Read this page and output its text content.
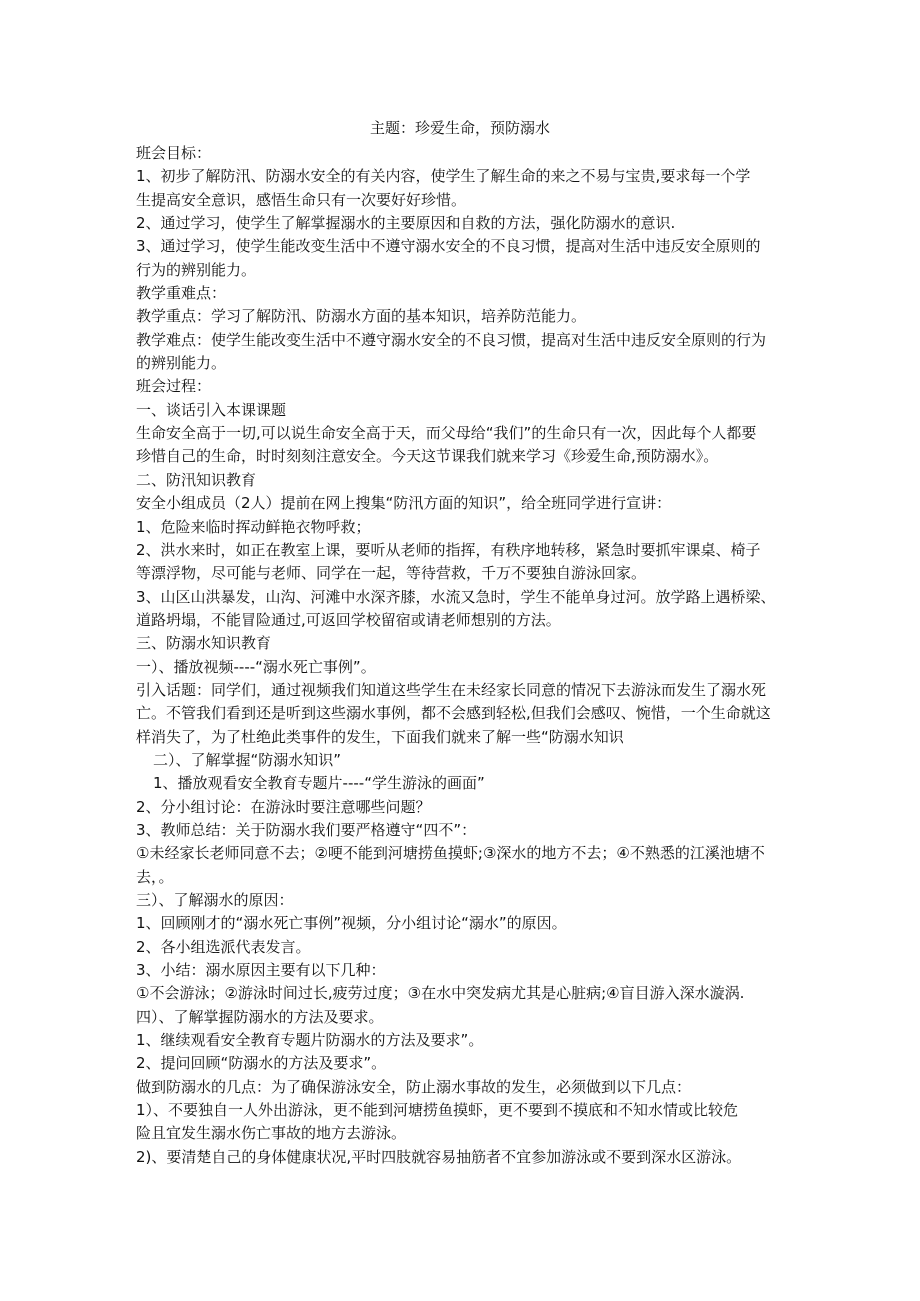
主题：珍爱生命，预防溺水
班会目标：
1、初步了解防汛、防溺水安全的有关内容，使学生了解生命的来之不易与宝贵,要求每一个学
生提高安全意识，感悟生命只有一次要好好珍惜。
2、通过学习，使学生了解掌握溺水的主要原因和自救的方法，强化防溺水的意识.
3、通过学习，使学生能改变生活中不遵守溺水安全的不良习惯，提高对生活中违反安全原则的
行为的辨别能力。
教学重难点：
教学重点：学习了解防汛、防溺水方面的基本知识，培养防范能力。
教学难点：使学生能改变生活中不遵守溺水安全的不良习惯，提高对生活中违反安全原则的行为
的辨别能力。
班会过程：
一、谈话引入本课课题
生命安全高于一切,可以说生命安全高于天，而父母给“我们”的生命只有一次，因此每个人都要
珍惜自己的生命，时时刻刻注意安全。今天这节课我们就来学习《珍爱生命,预防溺水》。
二、防汛知识教育
安全小组成员（2人）提前在网上搜集“防汛方面的知识”，给全班同学进行宣讲：
1、危险来临时挥动鲜艳衣物呼救；
2、洪水来时，如正在教室上课，要听从老师的指挥，有秩序地转移，紧急时要抓牢课桌、椅子
等漂浮物，尽可能与老师、同学在一起，等待营救，千万不要独自游泳回家。
3、山区山洪暴发，山沟、河滩中水深齐膝，水流又急时，学生不能单身过河。放学路上遇桥梁、
道路坍塌，不能冒险通过,可返回学校留宿或请老师想别的方法。
三、防溺水知识教育
一）、播放视频----“溺水死亡事例”。
引入话题：同学们，通过视频我们知道这些学生在未经家长同意的情况下去游泳而发生了溺水死
亡。不管我们看到还是听到这些溺水事例，都不会感到轻松,但我们会感叹、惋惜，一个生命就这
样消失了，为了杜绝此类事件的发生，下面我们就来了解一些“防溺水知识
二）、了解掌握“防溺水知识”
1、播放观看安全教育专题片----“学生游泳的画面”
2、分小组讨论：在游泳时要注意哪些问题？
3、教师总结：关于防溺水我们要严格遵守“四不”：
①未经家长老师同意不去；②哽不能到河塘捞鱼摸虾;③深水的地方不去；④不熟悉的江溪池塘不
去，。
三）、了解溺水的原因：
1、回顾刚才的“溺水死亡事例”视频，分小组讨论“溺水”的原因。
2、各小组选派代表发言。
3、小结：溺水原因主要有以下几种：
①不会游泳；②游泳时间过长,疲劳过度；③在水中突发病尤其是心脏病;④盲目游入深水漩涡.
四）、了解掌握防溺水的方法及要求。
1、继续观看安全教育专题片防溺水的方法及要求”。
2、提问回顾“防溺水的方法及要求”。
做到防溺水的几点：为了确保游泳安全，防止溺水事故的发生，必须做到以下几点：
1）、不要独自一人外出游泳，更不能到河塘捞鱼摸虾，更不要到不摸底和不知水情或比较危
险且宜发生溺水伤亡事故的地方去游泳。
2)、要清楚自己的身体健康状况,平时四肢就容易抽筋者不宜参加游泳或不要到深水区游泳。
